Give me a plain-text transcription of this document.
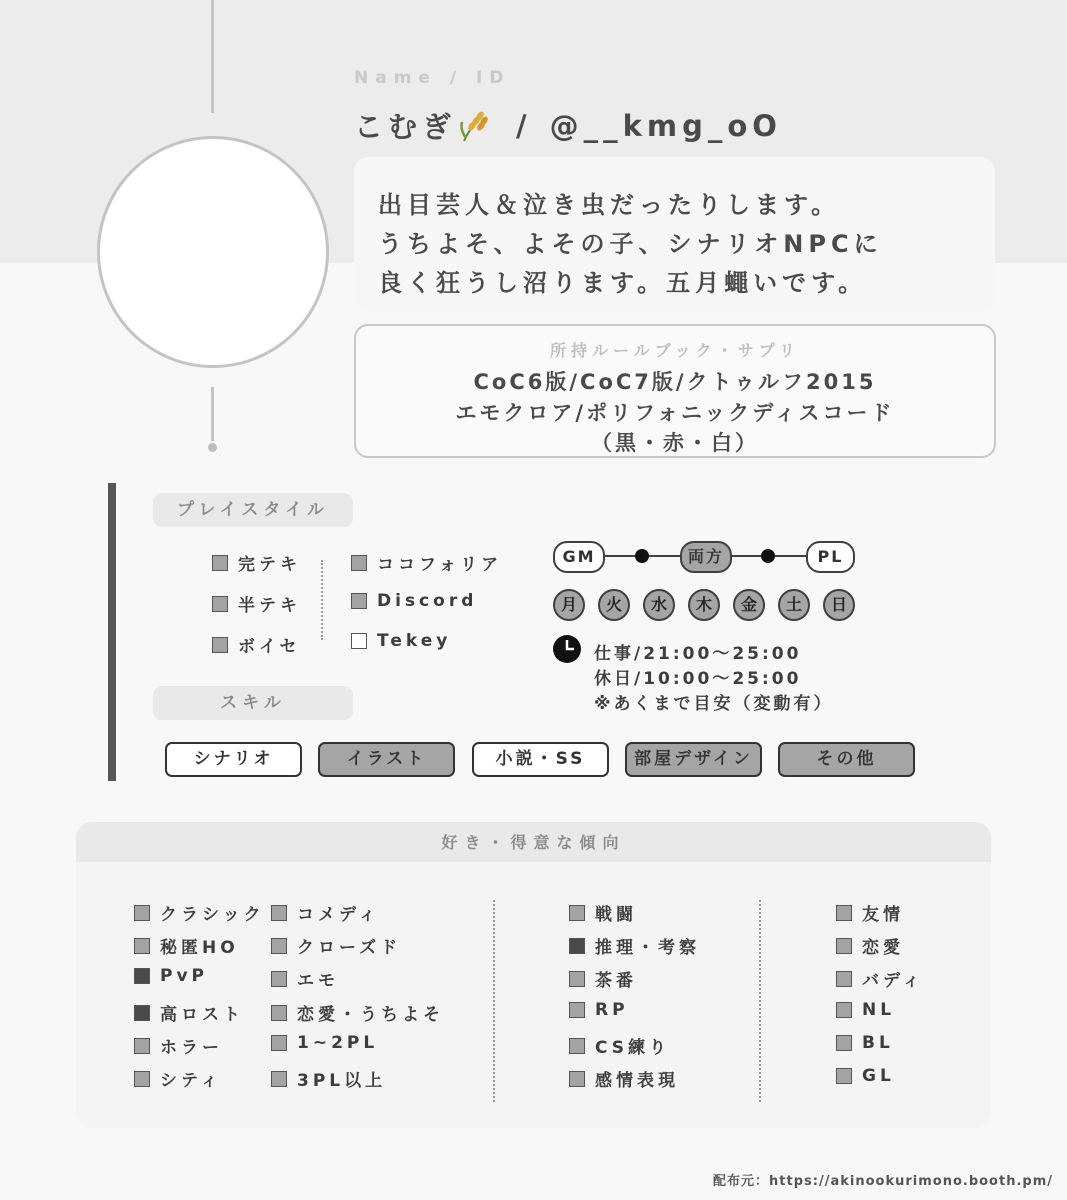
Name / ID
こむぎ / @__kmg_oO
出目芸人＆泣き虫だったりします。
うちよそ、よその子、シナリオNPCに
良く狂うし沼ります。五月蠅いです。
所持ルールブック・サプリ
CoC6版/CoC7版/クトゥルフ2015
エモクロア/ポリフォニックディスコード
（黒・赤・白）
プレイスタイル
完テキ
半テキ
ボイセ
ココフォリア
Discord
Tekey
GM	両方	PL
月	火	水	木	金	土	日
仕事/21:00〜25:00
休日/10:00〜25:00
※あくまで目安（変動有）
スキル
シナリオ	イラスト	小説・SS	部屋デザイン	その他
好き・得意な傾向
クラシック
秘匿HO
PvP
高ロスト
ホラー
シティ
コメディ
クローズド
エモ
恋愛・うちよそ
1~2PL
3PL以上
戦闘
推理・考察
茶番
RP
CS練り
感情表現
友情
恋愛
バディ
NL
BL
GL
配布元：https://akinookurimono.booth.pm/
